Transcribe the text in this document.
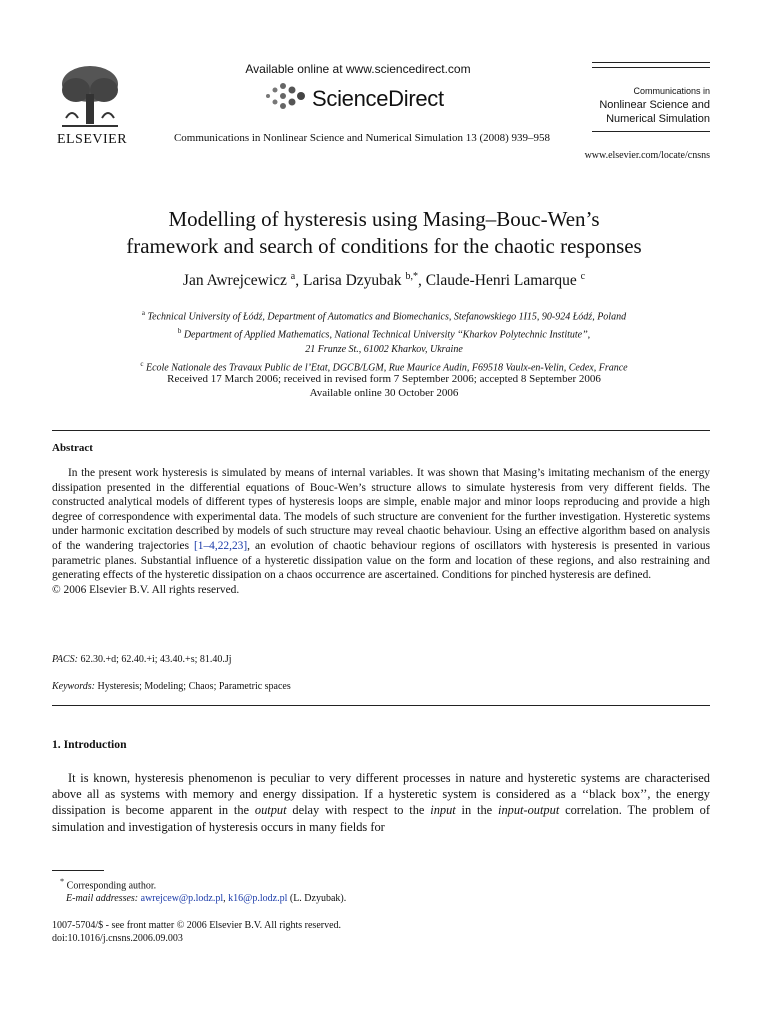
ELSEVIER
Available online at www.sciencedirect.com
ScienceDirect
Communications in Nonlinear Science and Numerical Simulation 13 (2008) 939–958
Communications in
Nonlinear Science and
Numerical Simulation
www.elsevier.com/locate/cnsns
Modelling of hysteresis using Masing–Bouc-Wen’s
framework and search of conditions for the chaotic responses
Jan Awrejcewicz $^a$, Larisa Dzyubak $^{b,*}$, Claude-Henri Lamarque $^c$
$^a$ Technical University of Łódź, Department of Automatics and Biomechanics, Stefanowskiego 1I15, 90-924 Łódź, Poland
$^b$ Department of Applied Mathematics, National Technical University ‘‘Kharkov Polytechnic Institute’’,
21 Frunze St., 61002 Kharkov, Ukraine
$^c$ Ecole Nationale des Travaux Public de l’Etat, DGCB/LGM, Rue Maurice Audin, F69518 Vaulx-en-Velin, Cedex, France
Received 17 March 2006; received in revised form 7 September 2006; accepted 8 September 2006
Available online 30 October 2006
Abstract

In the present work hysteresis is simulated by means of internal variables. It was shown that Masing’s imitating mechanism of the energy dissipation presented in the differential equations of Bouc-Wen’s structure allows to simulate hysteresis from very different fields. The constructed analytical models of different types of hysteresis loops are simple, enable major and minor loops reproducing and provide a high degree of correspondence with experimental data. The models of such structure are convenient for the further investigation. Hysteretic systems under harmonic excitation described by models of such structure may reveal chaotic behaviour. Using an effective algorithm based on analysis of the wandering trajectories [1–4,22,23], an evolution of chaotic behaviour regions of oscillators with hysteresis is presented in various parametric planes. Substantial influence of a hysteretic dissipation value on the form and location of these regions, and also restraining and generating effects of the hysteretic dissipation on a chaos occurrence are ascertained. Conditions for pinched hysteresis are defined.

© 2006 Elsevier B.V. All rights reserved.

PACS: 62.30.+d; 62.40.+i; 43.40.+s; 81.40.Jj
Keywords: Hysteresis; Modeling; Chaos; Parametric spaces
1. Introduction

It is known, hysteresis phenomenon is peculiar to very different processes in nature and hysteretic systems are characterised above all as systems with memory and energy dissipation. If a hysteretic system is considered as a ‘‘black box’’, the energy dissipation is become apparent in the output delay with respect to the input in the input-output correlation. The problem of simulation and investigation of hysteresis occurs in many fields for

* Corresponding author.
E-mail addresses: awrejcew@p.lodz.pl, k16@p.lodz.pl (L. Dzyubak).
1007-5704/$ - see front matter © 2006 Elsevier B.V. All rights reserved.
doi:10.1016/j.cnsns.2006.09.003
